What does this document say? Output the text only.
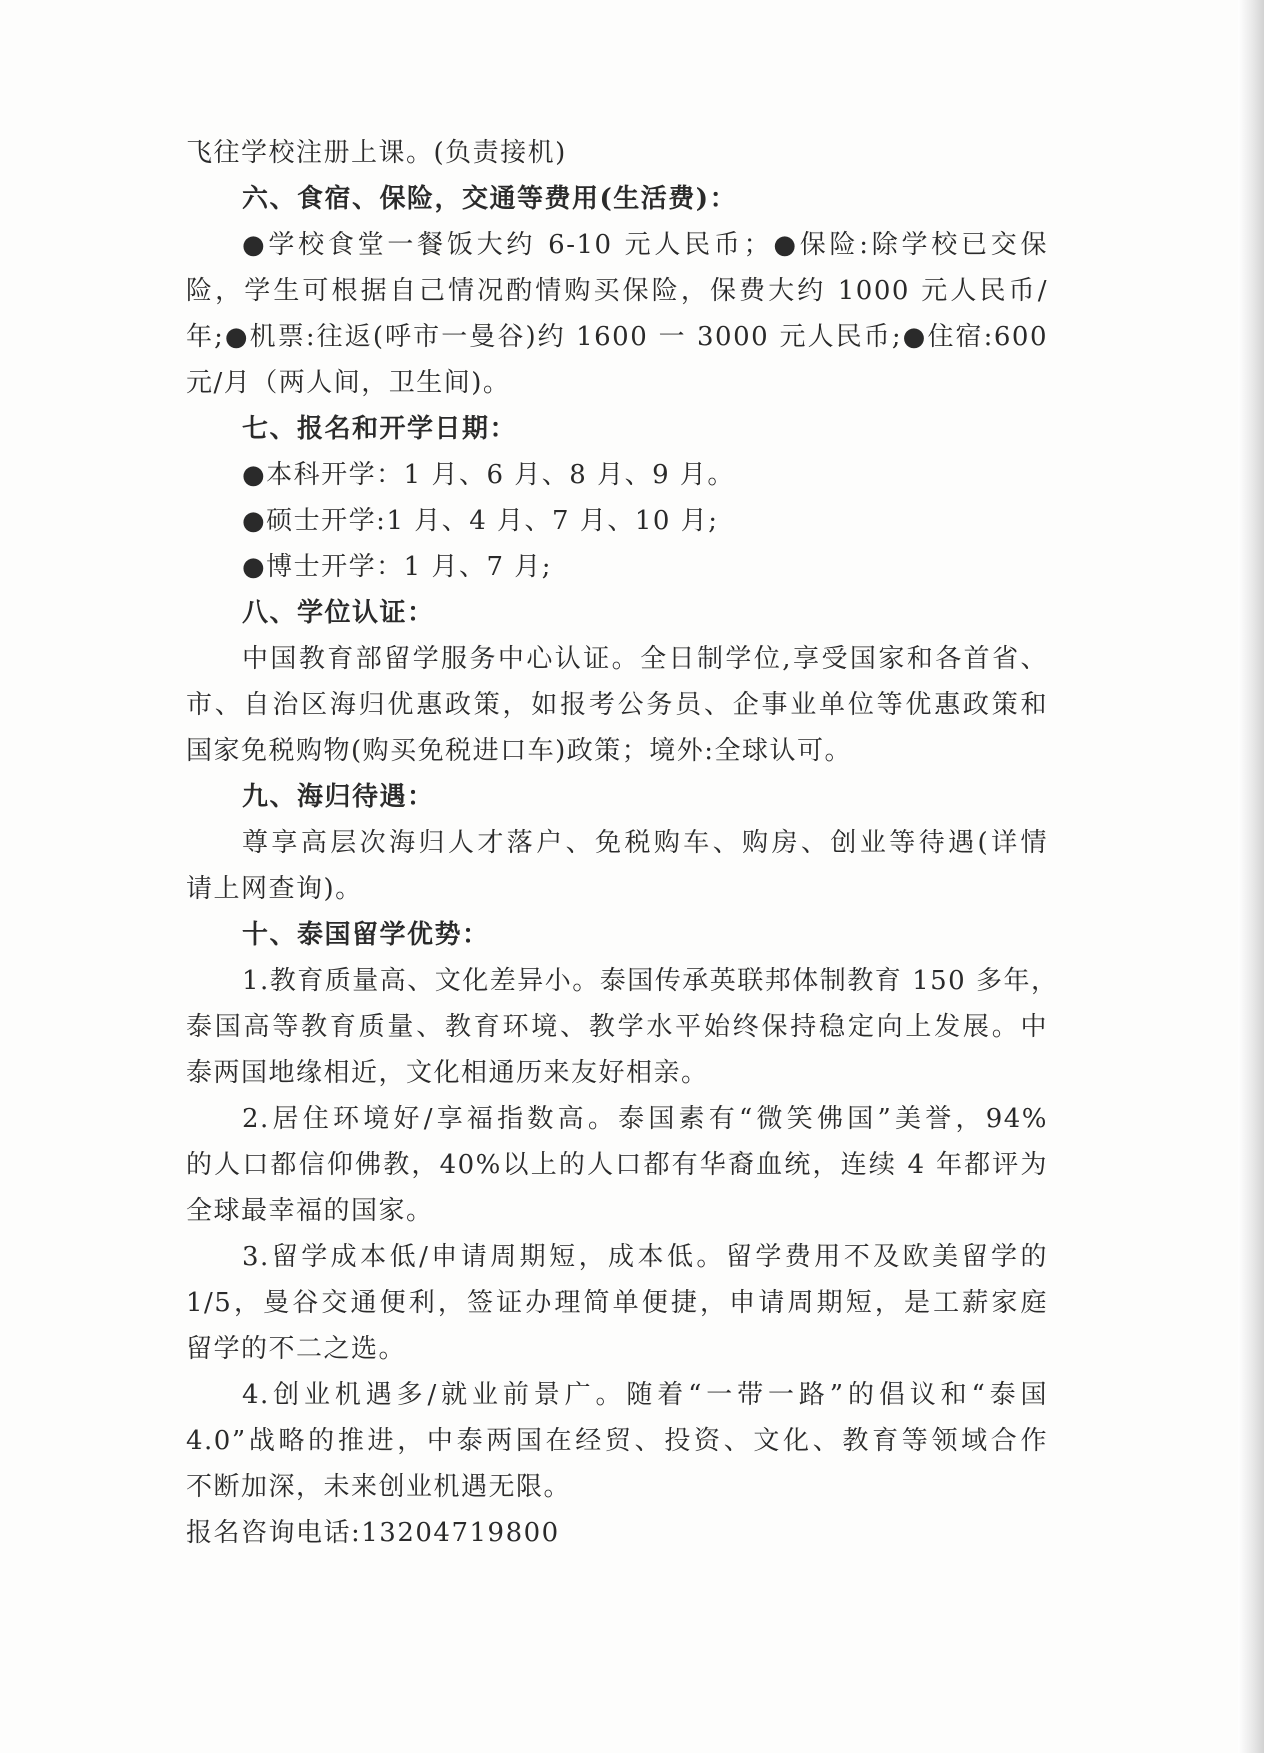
飞往学校注册上课。(负责接机)
六、食宿、保险，交通等费用(生活费)：
●学校食堂一餐饭大约 6-10 元人民币；●保险:除学校已交保
险，学生可根据自己情况酌情购买保险，保费大约 1000 元人民币/
年;●机票:往返(呼市一曼谷)约 1600 一 3000 元人民币;●住宿:600
元/月（两人间，卫生间)。
七、报名和开学日期：
●本科开学：1 月、6 月、8 月、9 月。
●硕士开学:1 月、4 月、7 月、10 月;
●博士开学：1 月、7 月;
八、学位认证：
中国教育部留学服务中心认证。全日制学位,享受国家和各首省、
市、自治区海归优惠政策，如报考公务员、企事业单位等优惠政策和
国家免税购物(购买免税进口车)政策；境外:全球认可。
九、海归待遇：
尊享高层次海归人才落户、免税购车、购房、创业等待遇(详情
请上网查询)。
十、泰国留学优势：
1.教育质量高、文化差异小。泰国传承英联邦体制教育 150 多年，
泰国高等教育质量、教育环境、教学水平始终保持稳定向上发展。中
泰两国地缘相近，文化相通历来友好相亲。
2.居住环境好/享福指数高。泰国素有“微笑佛国”美誉，94%
的人口都信仰佛教，40%以上的人口都有华裔血统，连续 4 年都评为
全球最幸福的国家。
3.留学成本低/申请周期短，成本低。留学费用不及欧美留学的
1/5，曼谷交通便利，签证办理简单便捷，申请周期短，是工薪家庭
留学的不二之选。
4.创业机遇多/就业前景广。随着“一带一路”的倡议和“泰国
4.0”战略的推进，中泰两国在经贸、投资、文化、教育等领域合作
不断加深，未来创业机遇无限。
报名咨询电话:13204719800
